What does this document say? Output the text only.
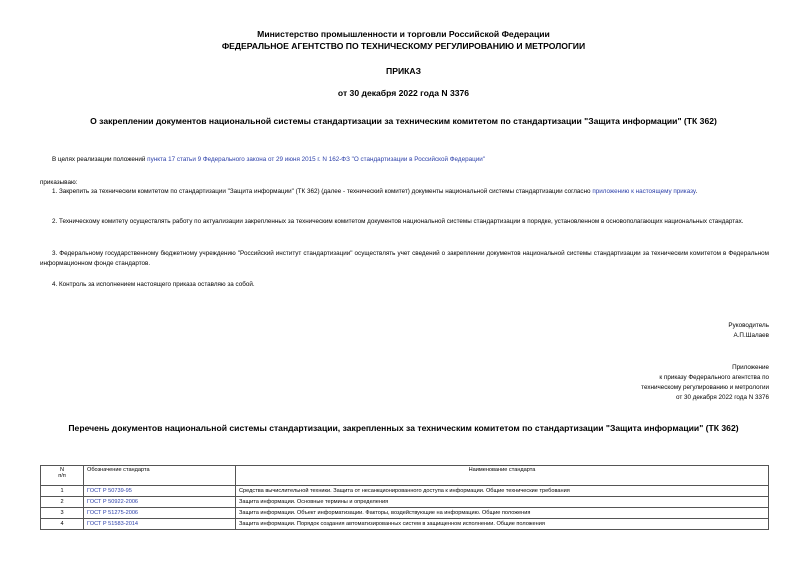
Министерство промышленности и торговли Российской Федерации
ФЕДЕРАЛЬНОЕ АГЕНТСТВО ПО ТЕХНИЧЕСКОМУ РЕГУЛИРОВАНИЮ И МЕТРОЛОГИИ
ПРИКАЗ
от 30 декабря 2022 года N 3376
О закреплении документов национальной системы стандартизации за техническим комитетом по стандартизации "Защита информации" (ТК 362)
В целях реализации положений пункта 17 статьи 9 Федерального закона от 29 июня 2015 г. N 162-ФЗ "О стандартизации в Российской Федерации"
приказываю:
1. Закрепить за техническим комитетом по стандартизации "Защита информации" (ТК 362) (далее - технический комитет) документы национальной системы стандартизации согласно приложению к настоящему приказу.
2. Техническому комитету осуществлять работу по актуализации закрепленных за техническим комитетом документов национальной системы стандартизации в порядке, установленном в основополагающих национальных стандартах.
3. Федеральному государственному бюджетному учреждению "Российский институт стандартизации" осуществлять учет сведений о закреплении документов национальной системы стандартизации за техническим комитетом в Федеральном информационном фонде стандартов.
4. Контроль за исполнением настоящего приказа оставляю за собой.
Руководитель
А.П.Шалаев
Приложение
к приказу Федерального агентства по
техническому регулированию и метрологии
от 30 декабря 2022 года N 3376
Перечень документов национальной системы стандартизации, закрепленных за техническим комитетом по стандартизации "Защита информации" (ТК 362)
N
п/п	Обозначение стандарта	Наименование стандарта
1	ГОСТ Р 50739-95	Средства вычислительной техники. Защита от несанкционированного доступа к информации. Общие технические требования
2	ГОСТ Р 50922-2006	Защита информации. Основные термины и определения
3	ГОСТ Р 51275-2006	Защита информации. Объект информатизации. Факторы, воздействующие на информацию. Общие положения
4	ГОСТ Р 51583-2014	Защита информации. Порядок создания автоматизированных систем в защищенном исполнении. Общие положения
